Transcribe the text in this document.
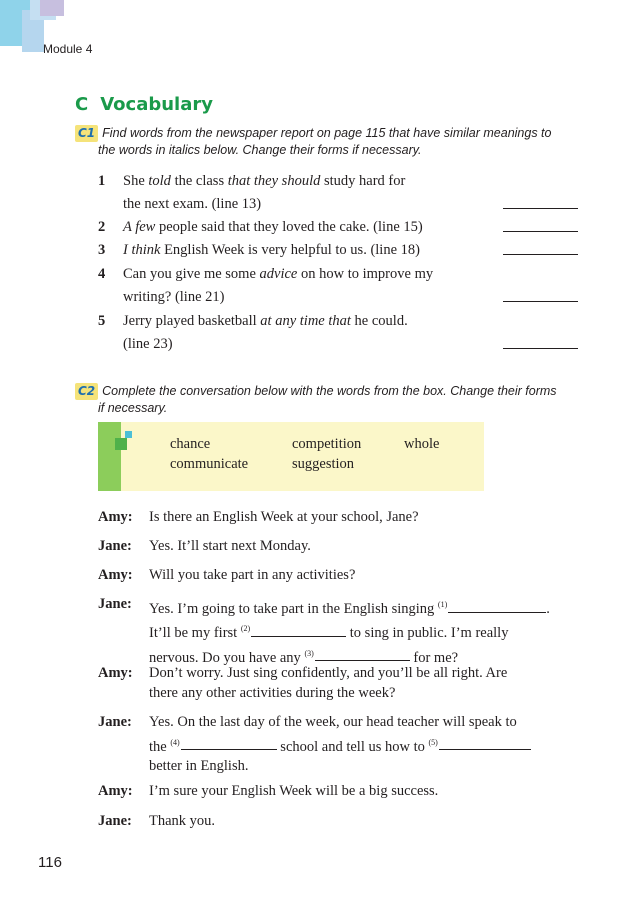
Module 4
C Vocabulary
C1 Find words from the newspaper report on page 115 that have similar meanings to
the words in italics below. Change their forms if necessary.
1 She told the class that they should study hard for
the next exam. (line 13)
2 A few people said that they loved the cake. (line 15)
3 I think English Week is very helpful to us. (line 18)
4 Can you give me some advice on how to improve my
writing? (line 21)
5 Jerry played basketball at any time that he could.
(line 23)
C2 Complete the conversation below with the words from the box. Change their forms
if necessary.
chance	competition	whole
communicate	suggestion
Amy: Is there an English Week at your school, Jane?
Jane: Yes. It’ll start next Monday.
Amy: Will you take part in any activities?
Jane: Yes. I’m going to take part in the English singing $^{(1)}$	.
It’ll be my first $^{(2)}$	to sing in public. I’m really
nervous. Do you have any $^{(3)}$	for me?
Amy: Don’t worry. Just sing confidently, and you’ll be all right. Are
there any other activities during the week?
Jane: Yes. On the last day of the week, our head teacher will speak to
the $^{(4)}$	school and tell us how to $^{(5)}$
better in English.
Amy: I’m sure your English Week will be a big success.
Jane: Thank you.
116
